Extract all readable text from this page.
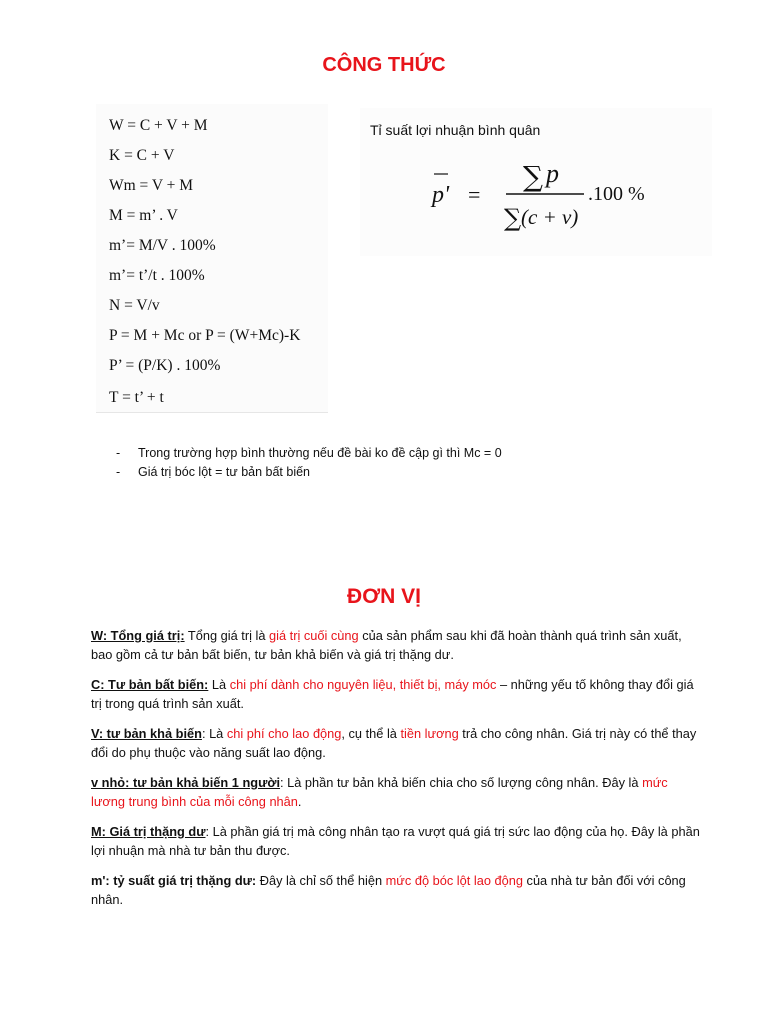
CÔNG THỨC
W = C + V + M
K = C + V
Wm = V + M
M = m’ . V
m’= M/V . 100%
m’= t’/t . 100%
N = V/v
P = M + Mc or P = (W+Mc)-K
P’ = (P/K) . 100%
T = t’ + t
Tỉ suất lợi nhuận bình quân
p' =
∑ p
∑ (c + v)
.100 %
- Trong trường hợp bình thường nếu đề bài ko đề cập gì thì Mc = 0
- Giá trị bóc lột = tư bản bất biến
ĐƠN VỊ
W: Tổng giá trị: Tổng giá trị là giá trị cuối cùng của sản phẩm sau khi đã hoàn thành quá trình sản xuất, bao gồm cả tư bản bất biến, tư bản khả biến và giá trị thặng dư.
C: Tư bản bất biến: Là chi phí dành cho nguyên liệu, thiết bị, máy móc – những yếu tố không thay đổi giá trị trong quá trình sản xuất.
V: tư bản khả biến: Là chi phí cho lao động, cụ thể là tiền lương trả cho công nhân. Giá trị này có thể thay đổi do phụ thuộc vào năng suất lao động.
v nhỏ: tư bản khả biến 1 người: Là phần tư bản khả biến chia cho số lượng công nhân. Đây là mức lương trung bình của mỗi công nhân.
M: Giá trị thặng dư: Là phần giá trị mà công nhân tạo ra vượt quá giá trị sức lao động của họ. Đây là phần lợi nhuận mà nhà tư bản thu được.
m': tỷ suất giá trị thặng dư: Đây là chỉ số thể hiện mức độ bóc lột lao động của nhà tư bản đối với công nhân.
